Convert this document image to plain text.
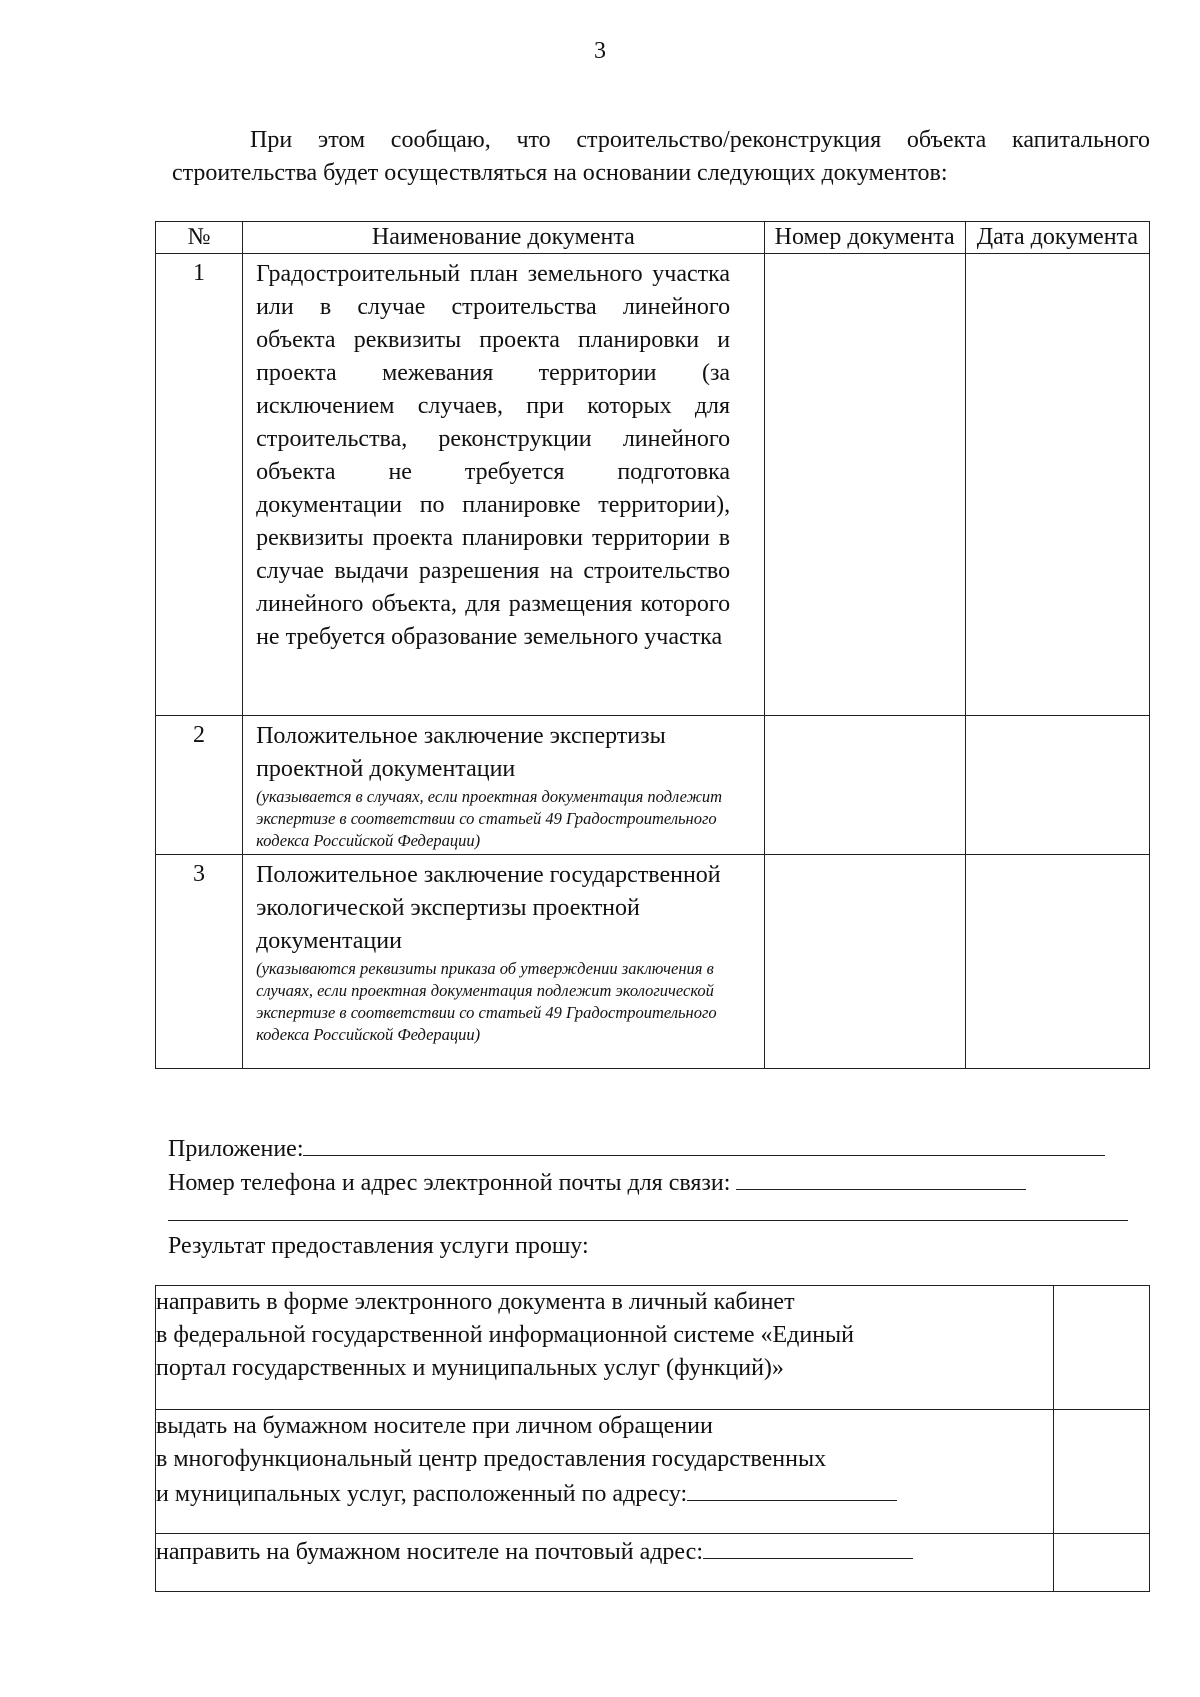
3

При этом сообщаю, что строительство/реконструкция объекта капитального строительства будет осуществляться на основании следующих документов:

№	Наименование документа	Номер документа	Дата документа
1	Градостроительный план земельного участка или в случае строительства линейного объекта реквизиты проекта планировки и проекта межевания территории (за исключением случаев, при которых для строительства, реконструкции линейного объекта не требуется подготовка документации по планировке территории), реквизиты проекта планировки территории в случае выдачи разрешения на строительство линейного объекта, для размещения которого не требуется образование земельного участка		

2	Положительное заключение экспертизы проектной документации
(указывается в случаях, если проектная документация подлежит экспертизе в соответствии со статьей 49 Градостроительного кодекса Российской Федерации)		

3	Положительное заключение государственной экологической экспертизы проектной документации
(указываются реквизиты приказа об утверждении заключения в случаях, если проектная документация подлежит экологической экспертизе в соответствии со статьей 49 Градостроительного кодекса Российской Федерации)		

Приложение:
Номер телефона и адрес электронной почты для связи:
Результат предоставления услуги прошу:
направить в форме электронного документа в личный кабинет
в федеральной государственной информационной системе «Единый
портал государственных и муниципальных услуг (функций)»	

выдать на бумажном носителе при личном обращении
в многофункциональный центр предоставления государственных
и муниципальных услуг, расположенный по адресу:	

направить на бумажном носителе на почтовый адрес:	
